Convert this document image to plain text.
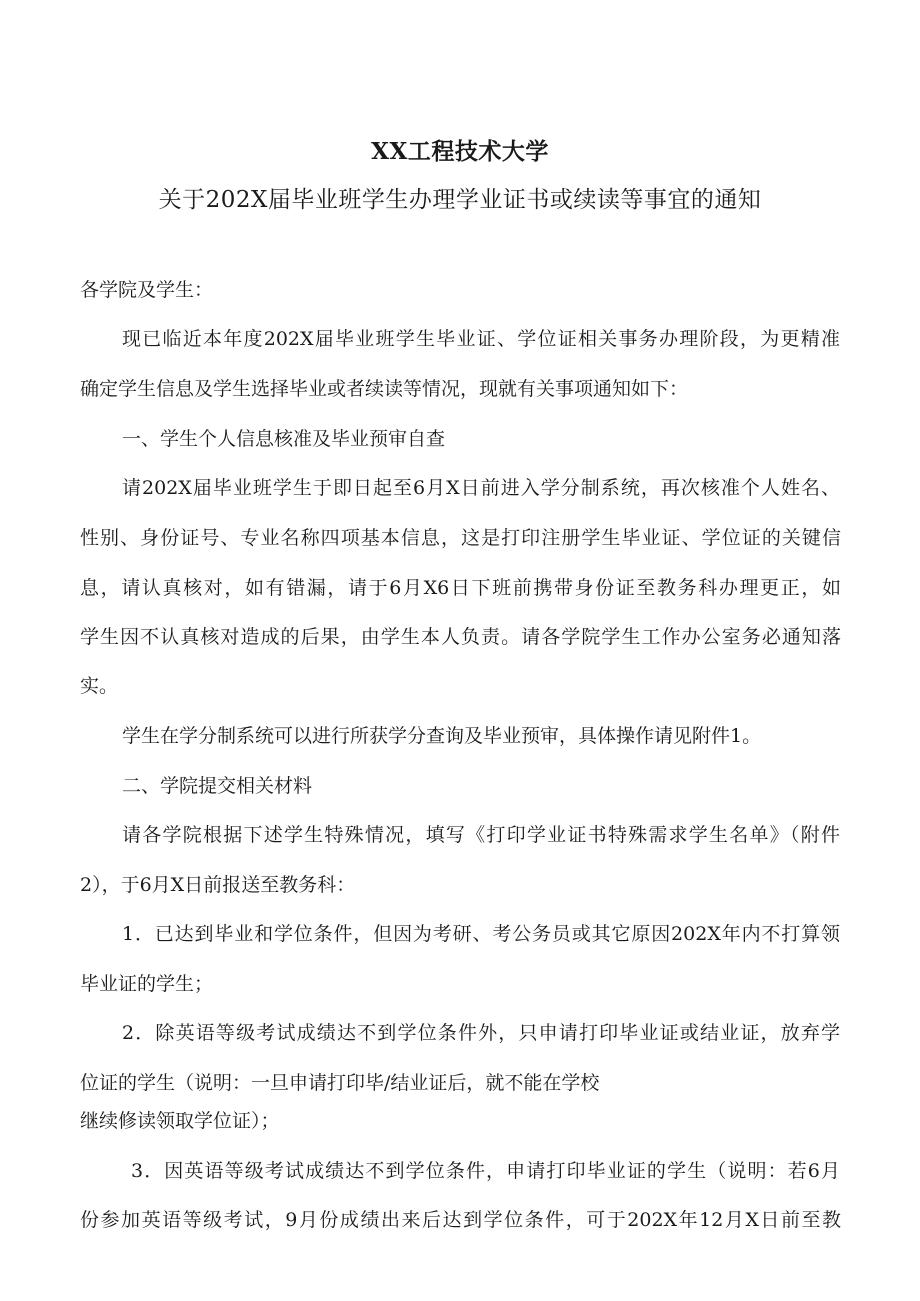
XX工程技术大学
关于202X届毕业班学生办理学业证书或续读等事宜的通知
各学院及学生：
现已临近本年度202X届毕业班学生毕业证、学位证相关事务办理阶段，为更精准
确定学生信息及学生选择毕业或者续读等情况，现就有关事项通知如下：
一、学生个人信息核准及毕业预审自查
请202X届毕业班学生于即日起至6月X日前进入学分制系统，再次核准个人姓名、
性别、身份证号、专业名称四项基本信息，这是打印注册学生毕业证、学位证的关键信
息，请认真核对，如有错漏，请于6月X6日下班前携带身份证至教务科办理更正，如
学生因不认真核对造成的后果，由学生本人负责。请各学院学生工作办公室务必通知落
实。
学生在学分制系统可以进行所获学分查询及毕业预审，具体操作请见附件1。
二、学院提交相关材料
请各学院根据下述学生特殊情况，填写《打印学业证书特殊需求学生名单》（附件
2），于6月X日前报送至教务科：
1．已达到毕业和学位条件，但因为考研、考公务员或其它原因202X年内不打算领
毕业证的学生；
2．除英语等级考试成绩达不到学位条件外，只申请打印毕业证或结业证，放弃学
位证的学生（说明：一旦申请打印毕/结业证后，就不能在学校
继续修读领取学位证）；
3．因英语等级考试成绩达不到学位条件，申请打印毕业证的学生（说明：若6月
份参加英语等级考试，9月份成绩出来后达到学位条件，可于202X年12月X日前至教
